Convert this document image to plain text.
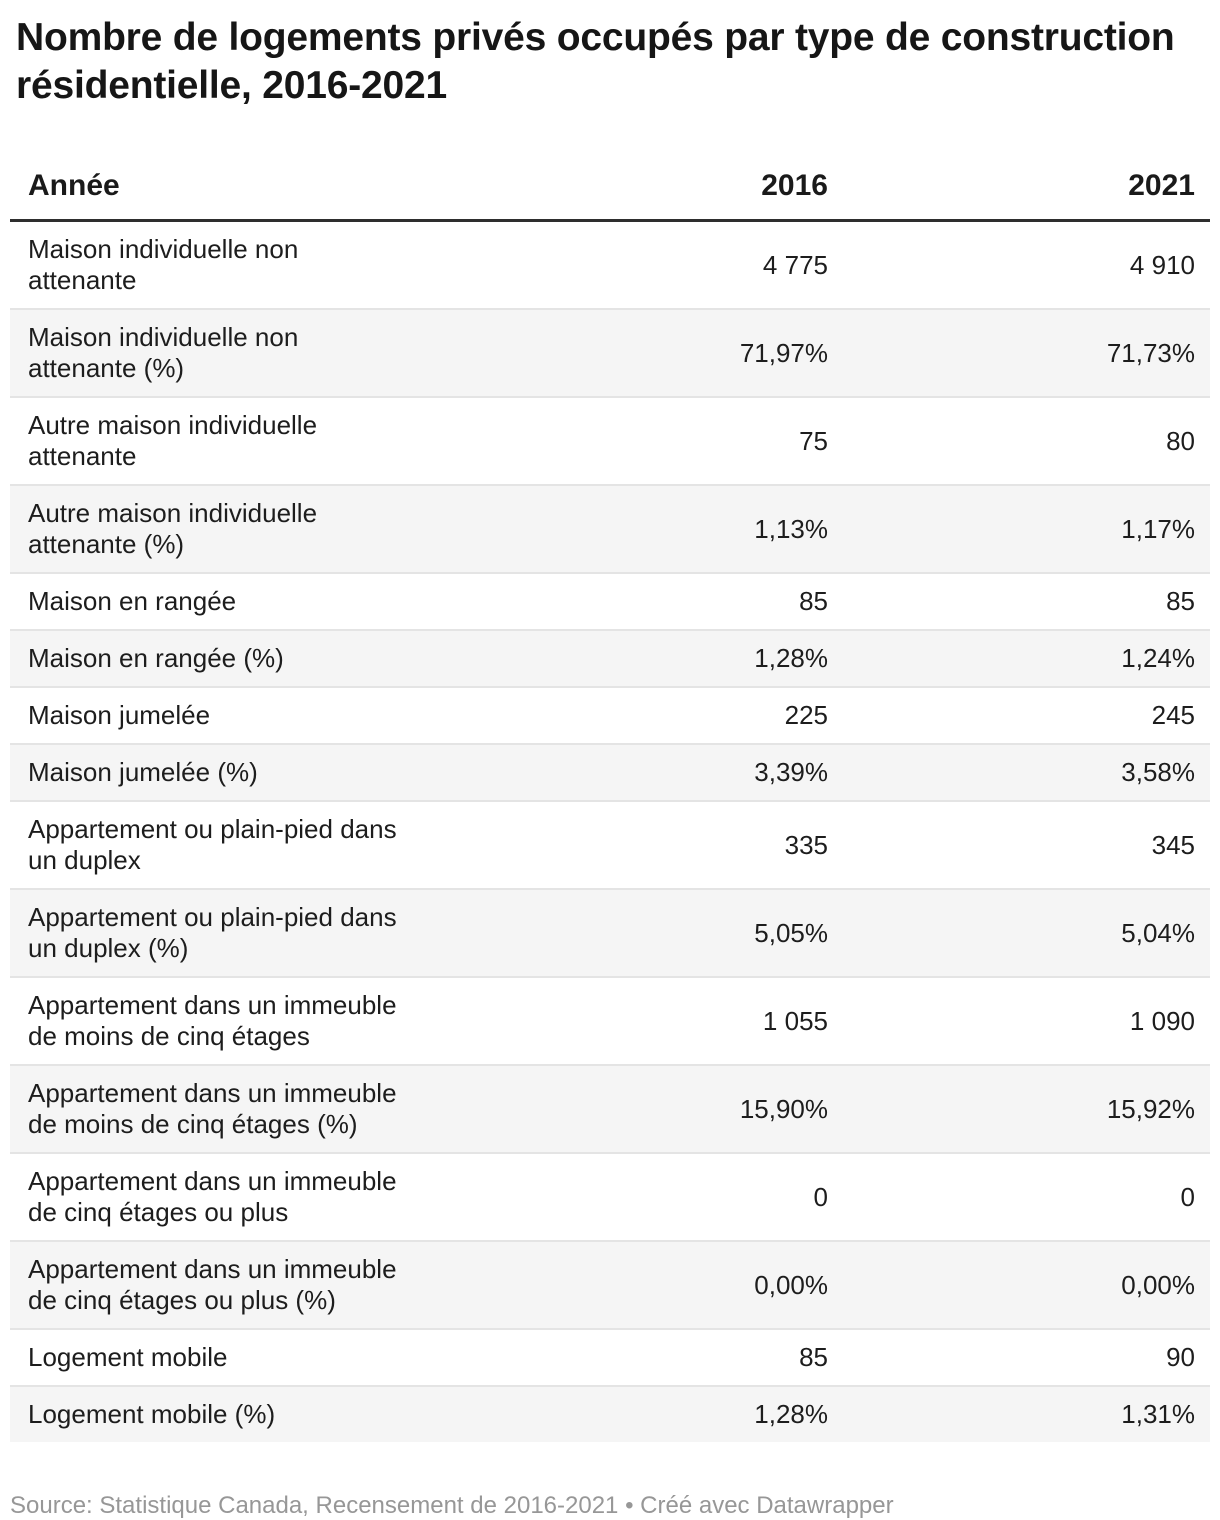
Nombre de logements privés occupés par type de construction résidentielle, 2016-2021
Année	2016	2021
Maison individuelle non attenante	4 775	4 910
Maison individuelle non attenante (%)	71,97%	71,73%
Autre maison individuelle attenante	75	80
Autre maison individuelle attenante (%)	1,13%	1,17%
Maison en rangée	85	85
Maison en rangée (%)	1,28%	1,24%
Maison jumelée	225	245
Maison jumelée (%)	3,39%	3,58%
Appartement ou plain-pied dans un duplex	335	345
Appartement ou plain-pied dans un duplex (%)	5,05%	5,04%
Appartement dans un immeuble de moins de cinq étages	1 055	1 090
Appartement dans un immeuble de moins de cinq étages (%)	15,90%	15,92%
Appartement dans un immeuble de cinq étages ou plus	0	0
Appartement dans un immeuble de cinq étages ou plus (%)	0,00%	0,00%
Logement mobile	85	90
Logement mobile (%)	1,28%	1,31%
Source: Statistique Canada, Recensement de 2016-2021 • Créé avec Datawrapper
